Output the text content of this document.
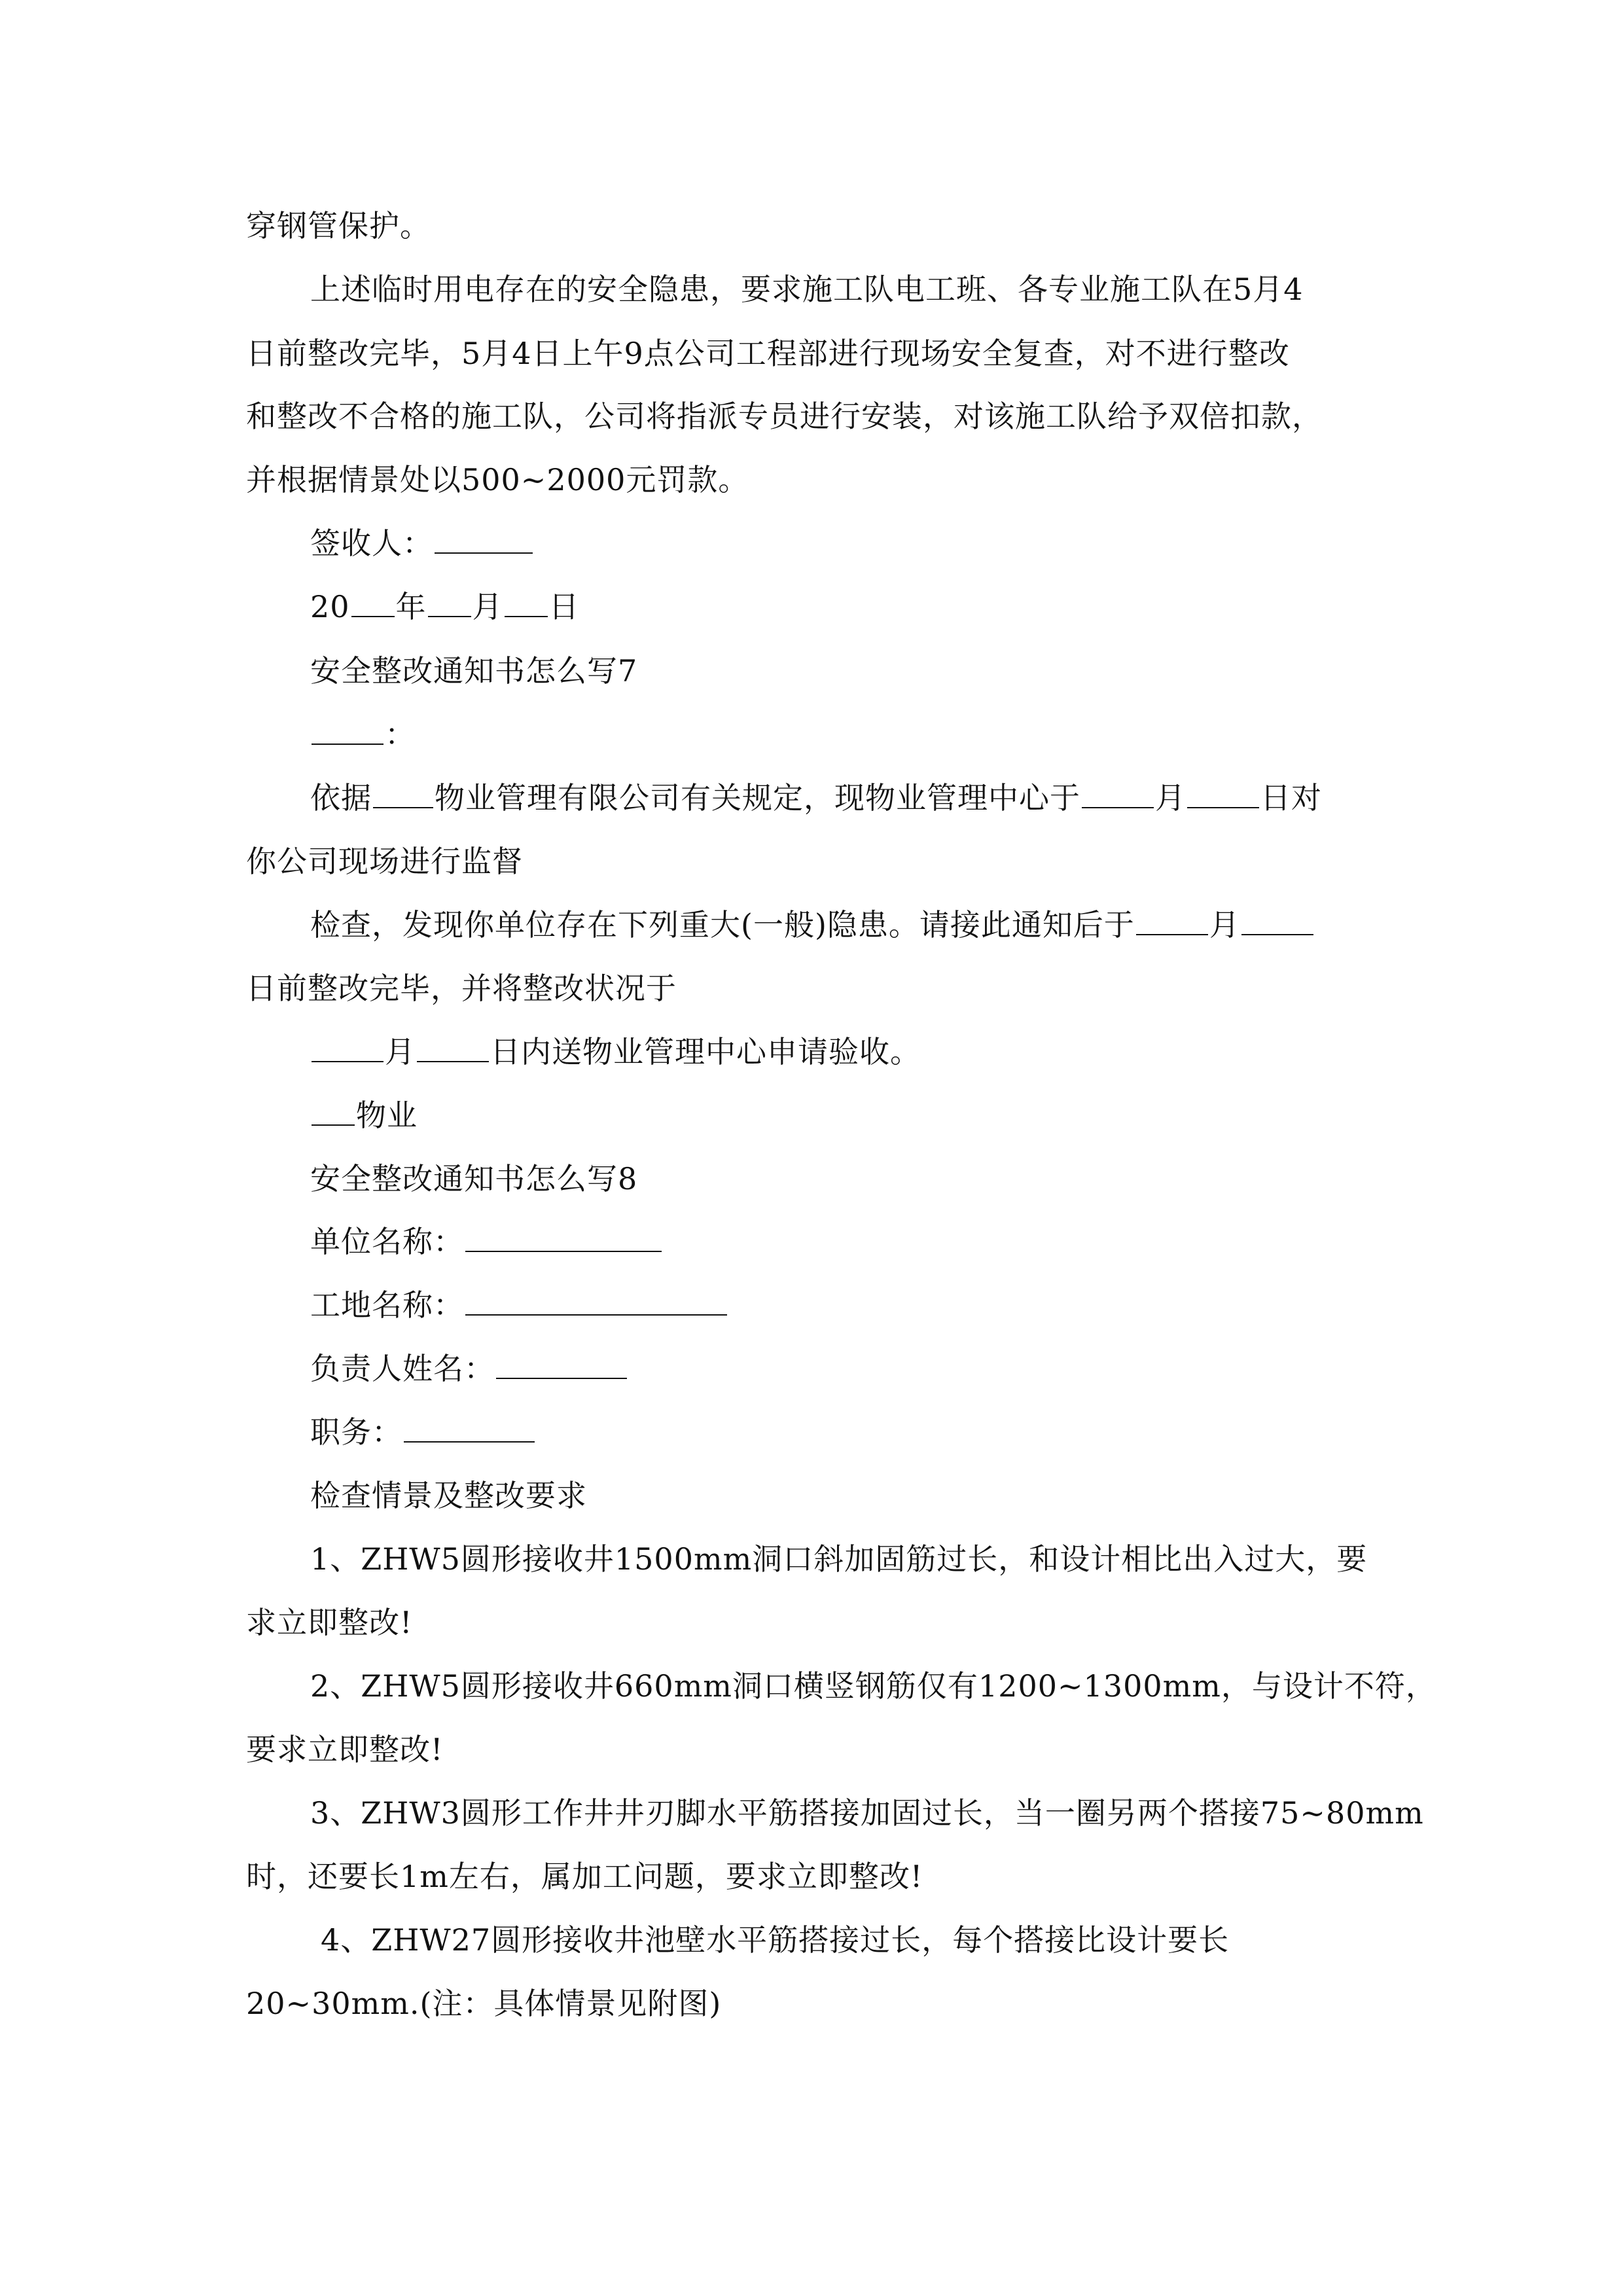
穿钢管保护。
上述临时用电存在的安全隐患，要求施工队电工班、各专业施工队在5月4
日前整改完毕，5月4日上午9点公司工程部进行现场安全复查，对不进行整改
和整改不合格的施工队，公司将指派专员进行安装，对该施工队给予双倍扣款，
并根据情景处以500~2000元罚款。
签收人：
20 年 月 日
安全整改通知书怎么写7
：
依据 物业管理有限公司有关规定，现物业管理中心于 月 日对
你公司现场进行监督
检查，发现你单位存在下列重大(一般)隐患。请接此通知后于 月
日前整改完毕，并将整改状况于
月 日内送物业管理中心申请验收。
物业
安全整改通知书怎么写8
单位名称：
工地名称：
负责人姓名：
职务：
检查情景及整改要求
1、ZHW5圆形接收井1500mm洞口斜加固筋过长，和设计相比出入过大，要
求立即整改!
2、ZHW5圆形接收井660mm洞口横竖钢筋仅有1200~1300mm，与设计不符，
要求立即整改!
3、ZHW3圆形工作井井刃脚水平筋搭接加固过长，当一圈另两个搭接75~80mm
时，还要长1m左右，属加工问题，要求立即整改!
4、ZHW27圆形接收井池壁水平筋搭接过长，每个搭接比设计要长
20~30mm.(注：具体情景见附图)
